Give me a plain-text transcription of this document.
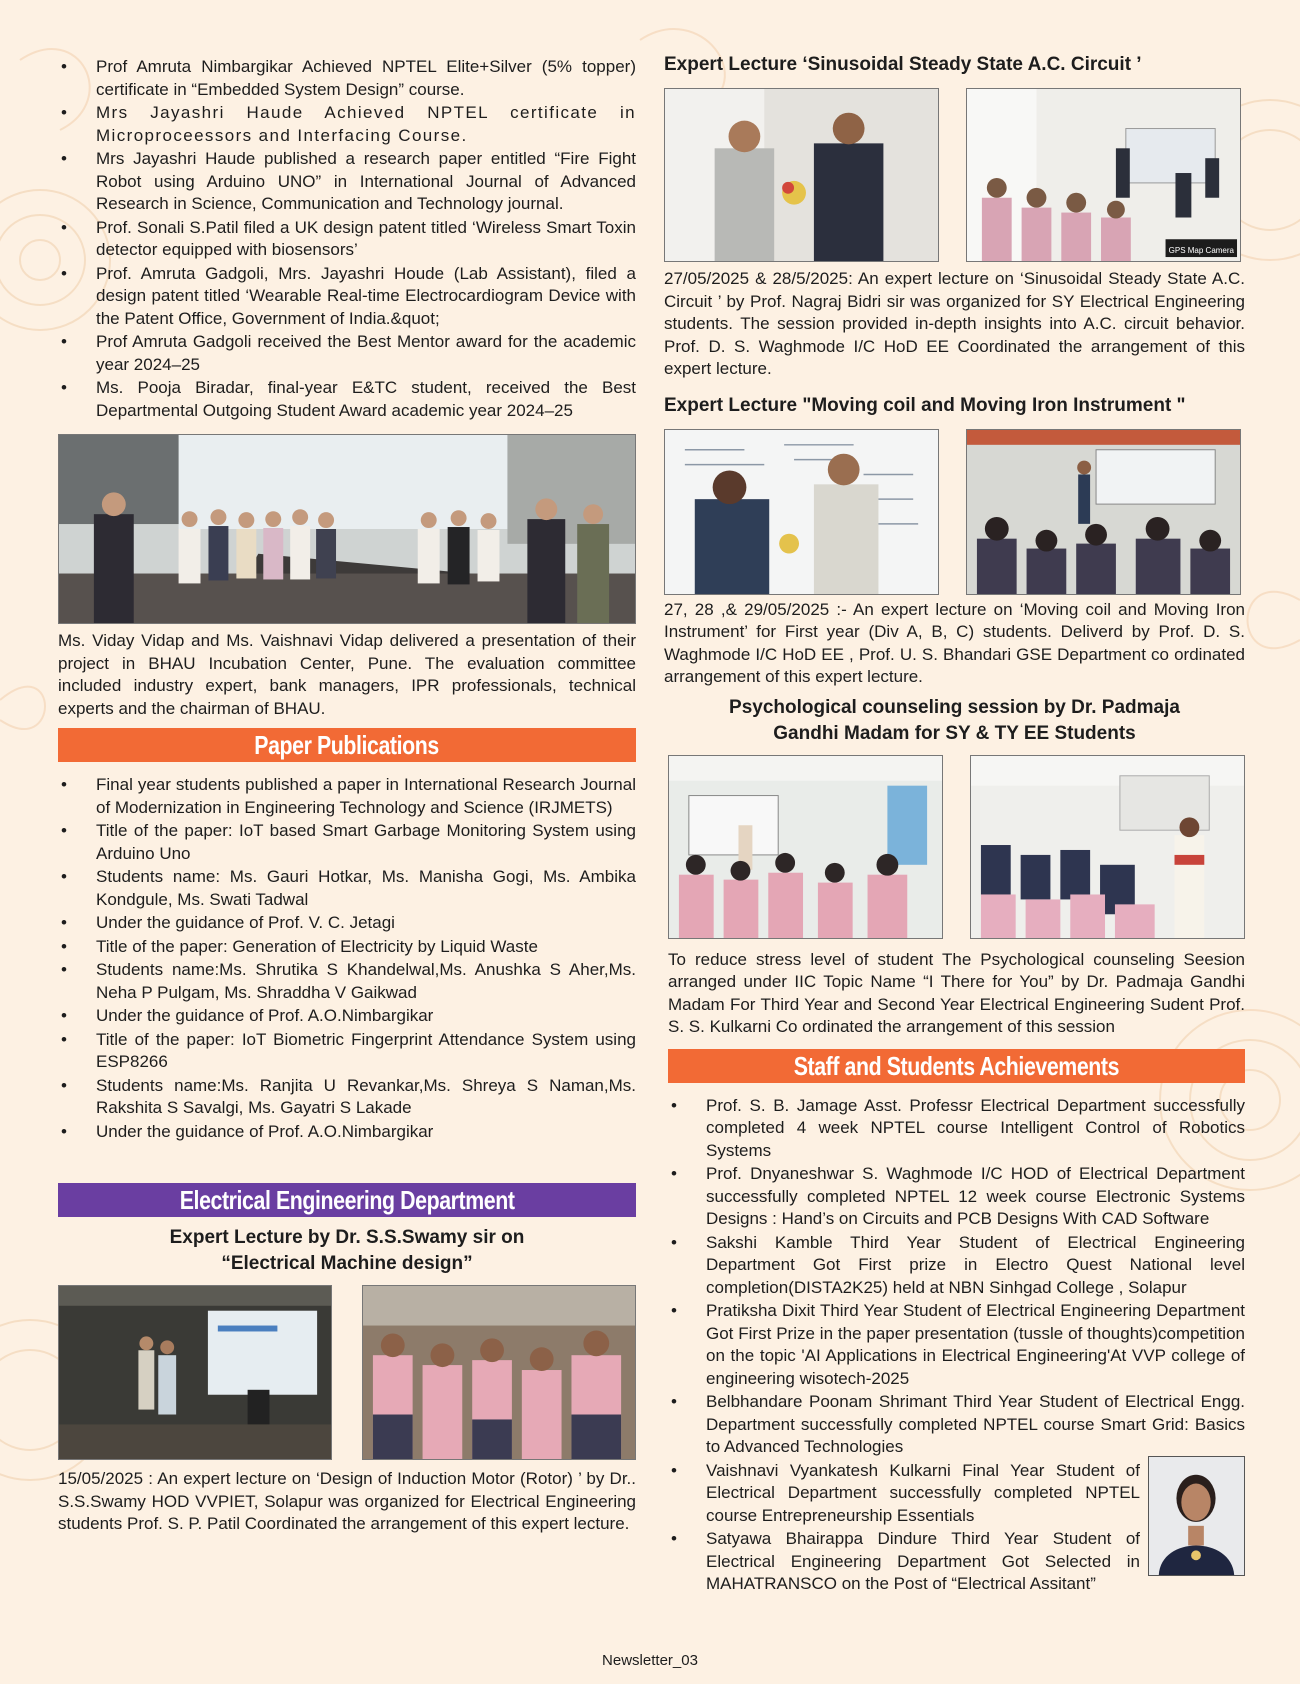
• Prof Amruta Nimbargikar Achieved NPTEL Elite+Silver (5% topper) certificate in “Embedded System Design” course.
• Mrs Jayashri Haude Achieved NPTEL certificate in Microproceessors and Interfacing Course.
• Mrs Jayashri Haude published a research paper entitled “Fire Fight Robot using Arduino UNO” in International Journal of Advanced Research in Science, Communication and Technology journal.
• Prof. Sonali S.Patil filed a UK design patent titled ‘Wireless Smart Toxin detector equipped with biosensors’
• Prof. Amruta Gadgoli, Mrs. Jayashri Houde (Lab Assistant), filed a design patent titled ‘Wearable Real-time Electrocardiogram Device with the Patent Office, Government of India.&quot;
• Prof Amruta Gadgoli received the Best Mentor award for the academic year 2024–25
• Ms. Pooja Biradar, final-year E&TC student, received the Best Departmental Outgoing Student Award academic year 2024–25

Ms. Viday Vidap and Ms. Vaishnavi Vidap delivered a presentation of their project in BHAU Incubation Center, Pune. The evaluation committee included industry expert, bank managers, IPR professionals, technical experts and the chairman of BHAU.

Paper Publications
• Final year students published a paper in International Research Journal of Modernization in Engineering Technology and Science (IRJMETS)
• Title of the paper: IoT based Smart Garbage Monitoring System using Arduino Uno
• Students name: Ms. Gauri Hotkar, Ms. Manisha Gogi, Ms. Ambika Kondgule, Ms. Swati Tadwal
• Under the guidance of Prof. V. C. Jetagi
• Title of the paper: Generation of Electricity by Liquid Waste
• Students name:Ms. Shrutika S Khandelwal,Ms. Anushka S Aher,Ms. Neha P Pulgam, Ms. Shraddha V Gaikwad
• Under the guidance of Prof. A.O.Nimbargikar
• Title of the paper: IoT Biometric Fingerprint Attendance System using ESP8266
• Students name:Ms. Ranjita U Revankar,Ms. Shreya S Naman,Ms. Rakshita S Savalgi, Ms. Gayatri S Lakade
• Under the guidance of Prof. A.O.Nimbargikar
Electrical Engineering Department
Expert Lecture by Dr. S.S.Swamy sir on
“Electrical Machine design”

15/05/2025 : An expert lecture on ‘Design of Induction Motor (Rotor) ’ by Dr.. S.S.Swamy HOD VVPIET, Solapur was organized for Electrical Engineering students Prof. S. P. Patil Coordinated the arrangement of this expert lecture.

Expert Lecture ‘Sinusoidal Steady State A.C. Circuit ’
GPS Map Camera

27/05/2025 & 28/5/2025: An expert lecture on ‘Sinusoidal Steady State A.C. Circuit ’ by Prof. Nagraj Bidri sir was organized for SY Electrical Engineering students. The session provided in-depth insights into A.C. circuit behavior. Prof. D. S. Waghmode I/C HoD EE Coordinated the arrangement of this expert lecture.

Expert Lecture "Moving coil and Moving Iron Instrument "

27, 28 ,& 29/05/2025 :- An expert lecture on ‘Moving coil and Moving Iron Instrument’ for First year (Div A, B, C) students. Deliverd by Prof. D. S. Waghmode I/C HoD EE , Prof. U. S. Bhandari GSE Department co ordinated arrangement of this expert lecture.

Psychological counseling session by Dr. Padmaja
Gandhi Madam for SY & TY EE Students

To reduce stress level of student The Psychological counseling Seesion arranged under IIC Topic Name “I There for You” by Dr. Padmaja Gandhi Madam For Third Year and Second Year Electrical Engineering Sudent Prof. S. S. Kulkarni Co ordinated the arrangement of this session

Staff and Students Achievements
• Prof. S. B. Jamage Asst. Professr Electrical Department successfully completed 4 week NPTEL course Intelligent Control of Robotics Systems
• Prof. Dnyaneshwar S. Waghmode I/C HOD of Electrical Department successfully completed NPTEL 12 week course Electronic Systems Designs : Hand’s on Circuits and PCB Designs With CAD Software
• Sakshi Kamble Third Year Student of Electrical Engineering Department Got First prize in Electro Quest National level completion(DISTA2K25) held at NBN Sinhgad College , Solapur
• Pratiksha Dixit Third Year Student of Electrical Engineering Department Got First Prize in the paper presentation (tussle of thoughts)competition on the topic 'AI Applications in Electrical Engineering'At VVP college of engineering wisotech-2025
• Belbhandare Poonam Shrimant Third Year Student of Electrical Engg. Department successfully completed NPTEL course Smart Grid: Basics to Advanced Technologies
• Vaishnavi Vyankatesh Kulkarni Final Year Student of Electrical Department successfully completed NPTEL course Entrepreneurship Essentials
• Satyawa Bhairappa Dindure Third Year Student of Electrical Engineering Department Got Selected in MAHATRANSCO on the Post of “Electrical Assitant”
Newsletter_03
